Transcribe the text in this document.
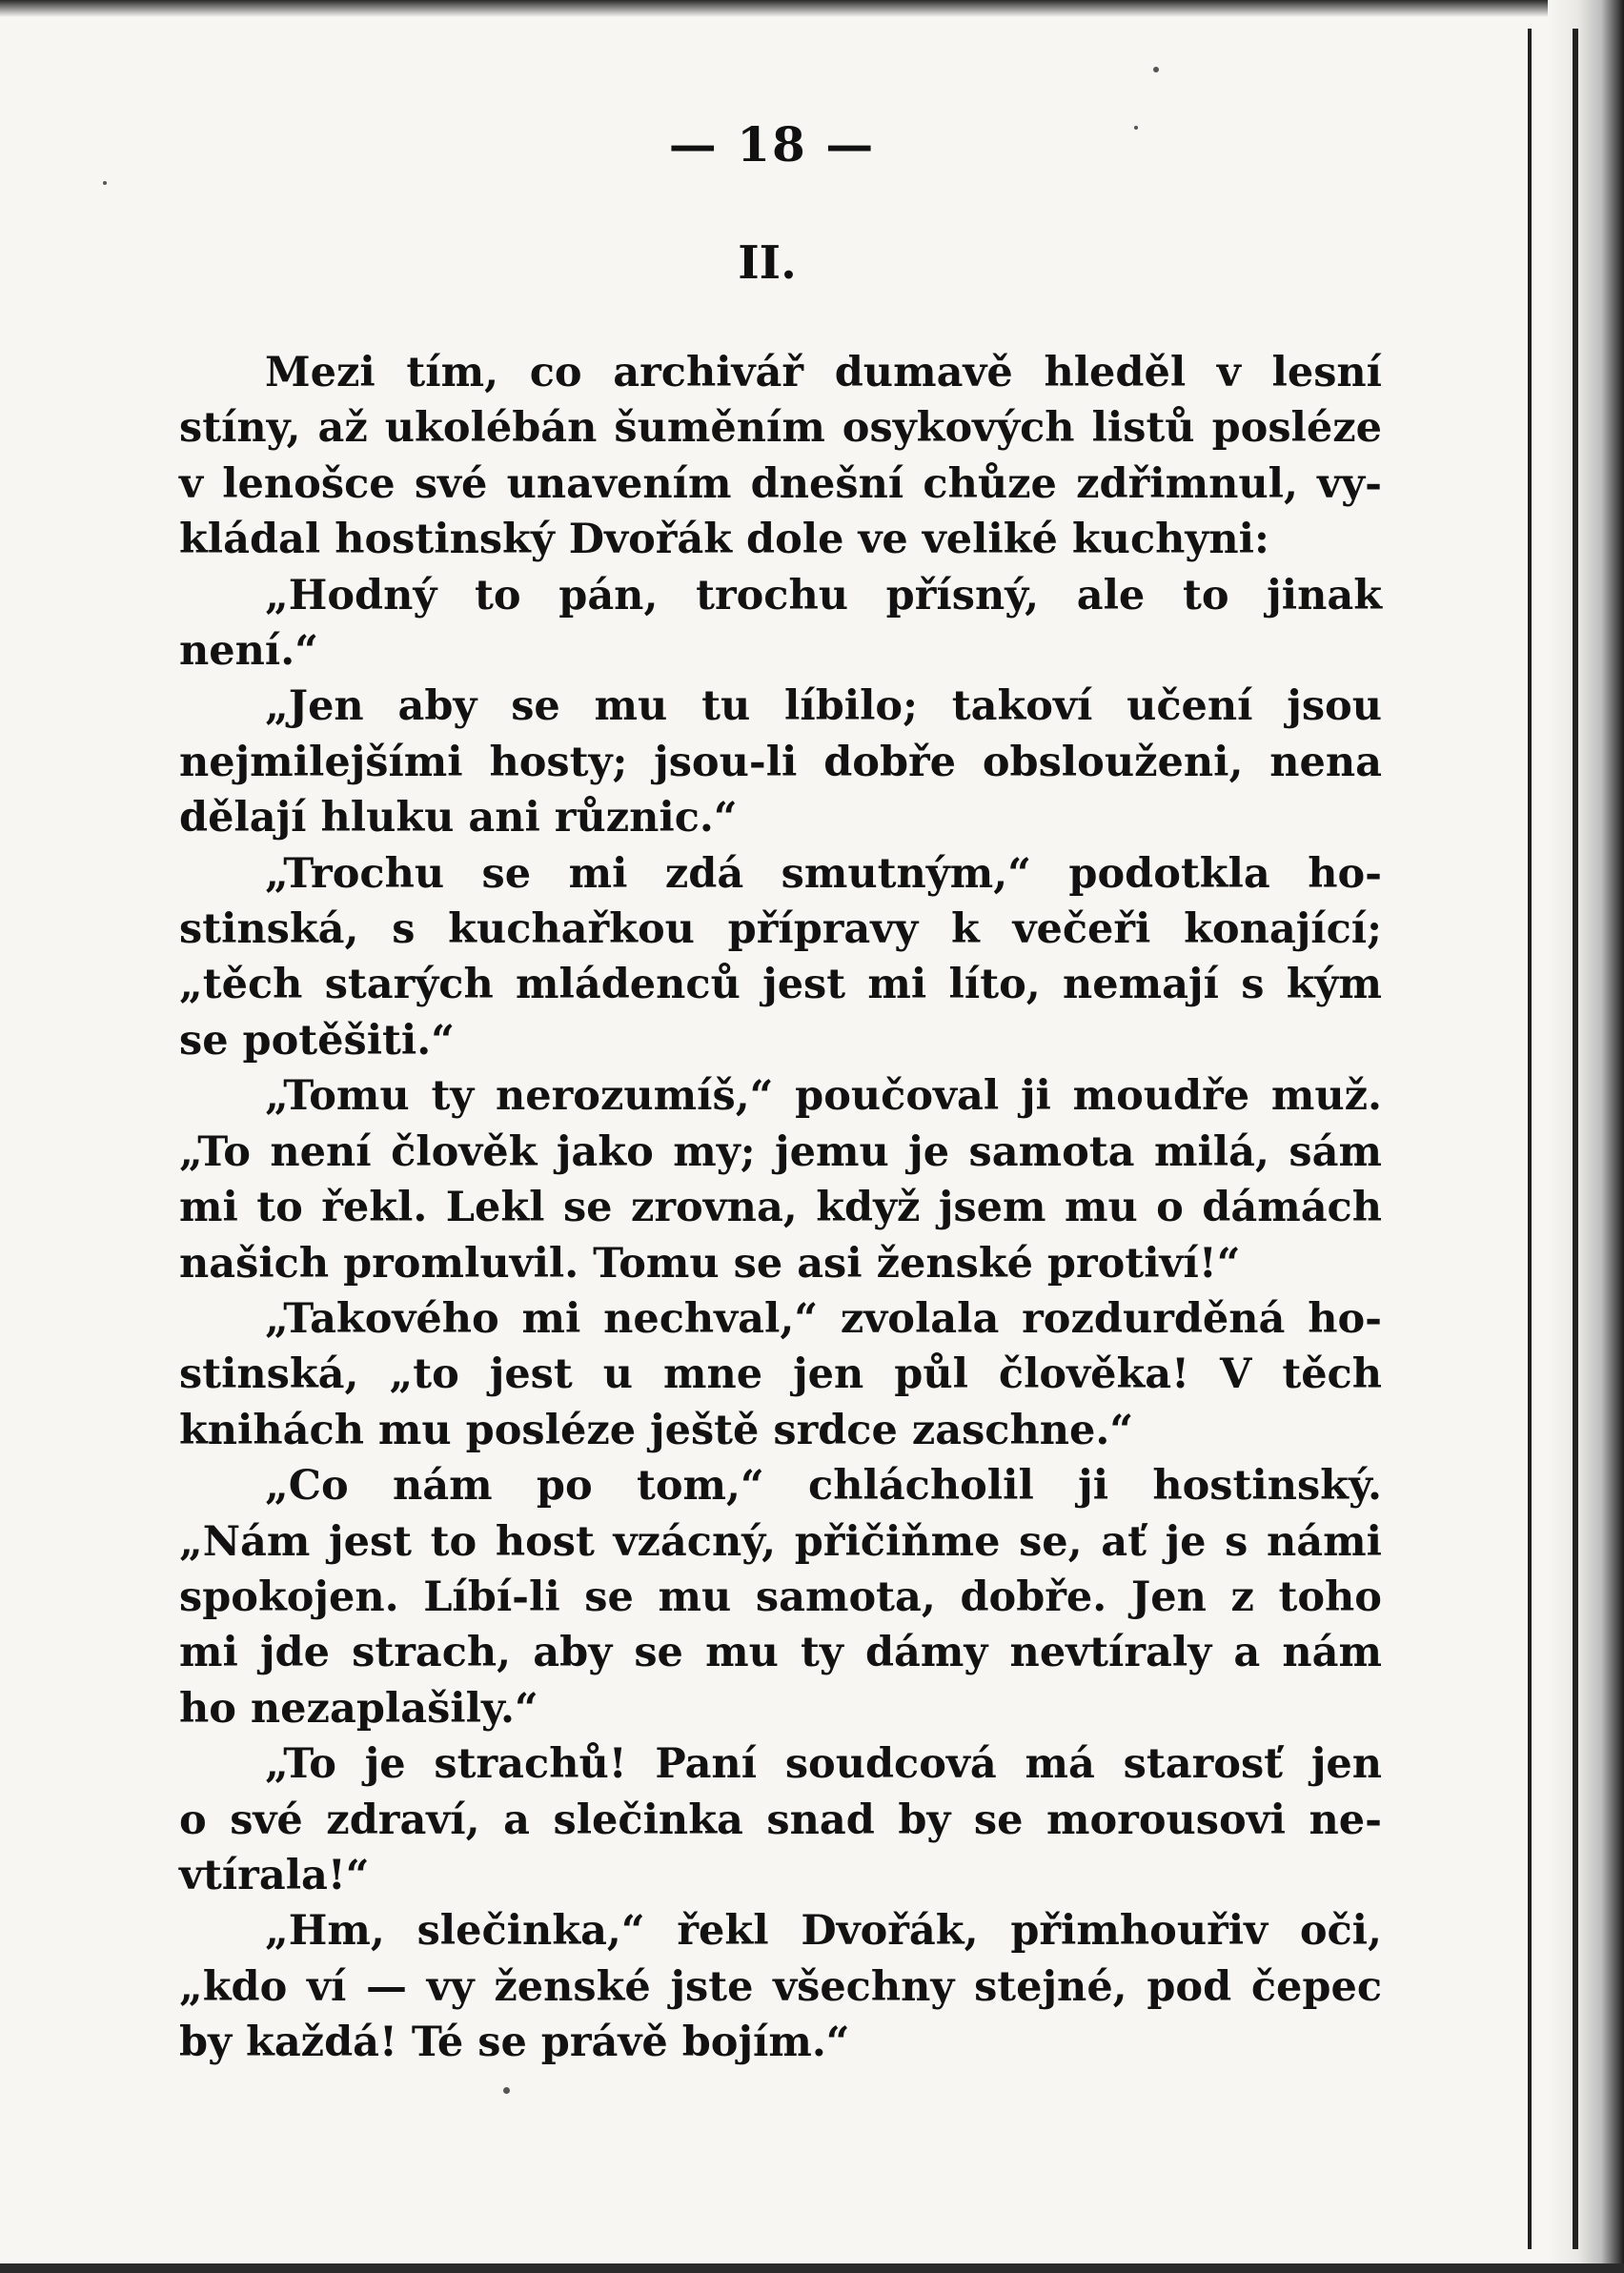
— 18 —
II.
Mezi tím, co archivář dumavě hleděl v lesní
stíny, až ukolébán šuměním osykových listů posléze
v lenošce své unavením dnešní chůze zdřimnul, vy-
kládal hostinský Dvořák dole ve veliké kuchyni:
„Hodný to pán, trochu přísný, ale to jinak
není.“
„Jen aby se mu tu líbilo; takoví učení jsou
nejmilejšími hosty; jsou-li dobře obslouženi, nena
dělají hluku ani různic.“
„Trochu se mi zdá smutným,“ podotkla ho-
stinská, s kuchařkou přípravy k večeři konající;
„těch starých mládenců jest mi líto, nemají s kým
se potěšiti.“
„Tomu ty nerozumíš,“ poučoval ji moudře muž.
„To není člověk jako my; jemu je samota milá, sám
mi to řekl. Lekl se zrovna, když jsem mu o dámách
našich promluvil. Tomu se asi ženské protiví!“
„Takového mi nechval,“ zvolala rozdurděná ho-
stinská, „to jest u mne jen půl člověka! V těch
knihách mu posléze ještě srdce zaschne.“
„Co nám po tom,“ chlácholil ji hostinský.
„Nám jest to host vzácný, přičiňme se, ať je s námi
spokojen. Líbí-li se mu samota, dobře. Jen z toho
mi jde strach, aby se mu ty dámy nevtíraly a nám
ho nezaplašily.“
„To je strachů! Paní soudcová má starosť jen
o své zdraví, a slečinka snad by se morousovi ne-
vtírala!“
„Hm, slečinka,“ řekl Dvořák, přimhouřiv oči,
„kdo ví — vy ženské jste všechny stejné, pod čepec
by každá! Té se právě bojím.“
